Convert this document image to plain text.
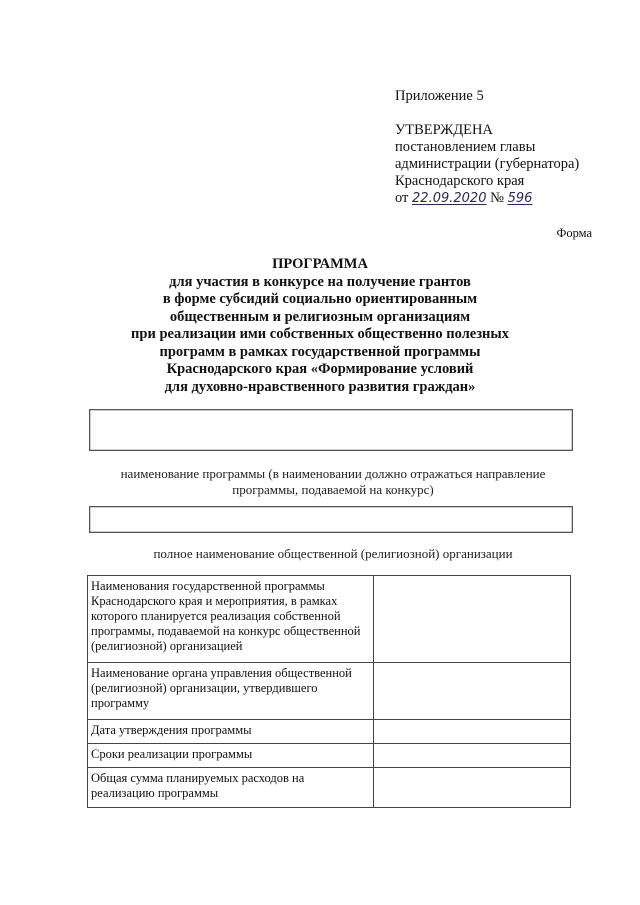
Приложение 5
УТВЕРЖДЕНА
постановлением главы
администрации (губернатора)
Краснодарского края
от 22.09.2020 № 596
Форма
ПРОГРАММА
для участия в конкурсе на получение грантов
в форме субсидий социально ориентированным
общественным и религиозным организациям
при реализации ими собственных общественно полезных
программ в рамках государственной программы
Краснодарского края «Формирование условий
для духовно-нравственного развития граждан»
наименование программы (в наименовании должно отражаться направление программы, подаваемой на конкурс)
полное наименование общественной (религиозной) организации
Наименования государственной программы Краснодарского края и мероприятия, в рамках которого планируется реализация собственной программы, подаваемой на конкурс общественной (религиозной) организацией	
Наименование органа управления общественной (религиозной) организации, утвердившего программу	
Дата утверждения программы	
Сроки реализации программы	
Общая сумма планируемых расходов на реализацию программы	
